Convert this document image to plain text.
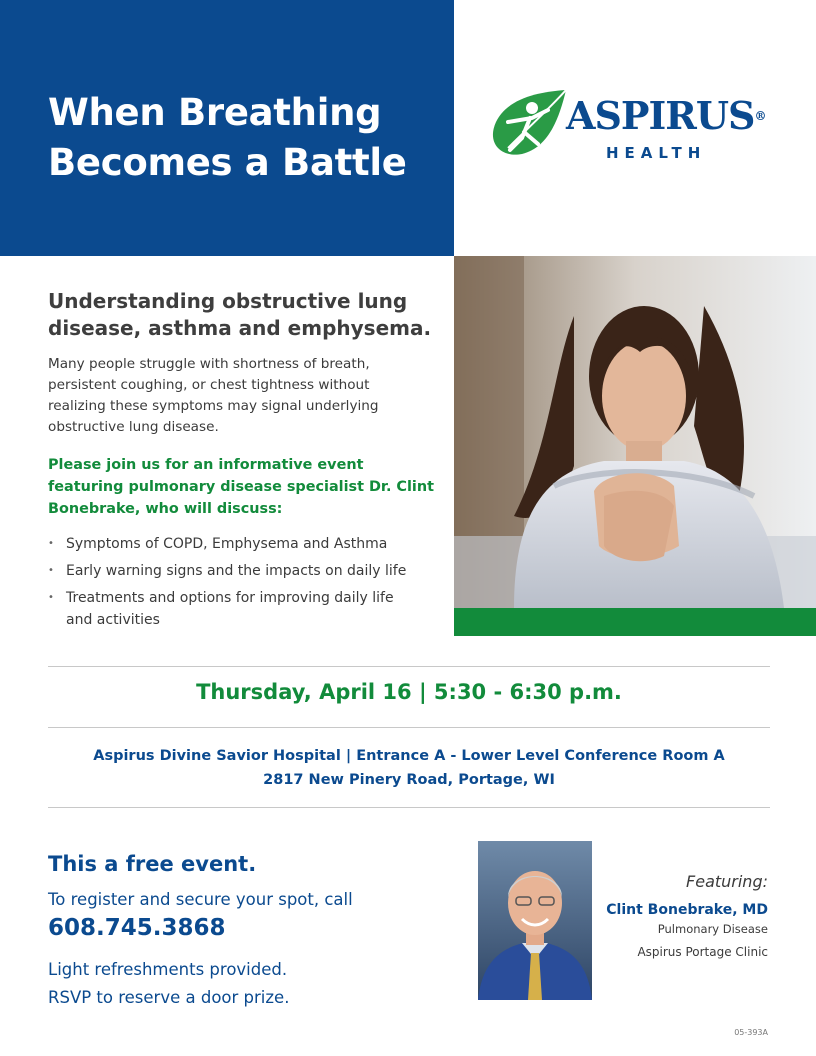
When Breathing
Becomes a Battle
ASPIRUS®
HEALTH
Understanding obstructive lung
disease, asthma and emphysema.

Many people struggle with shortness of breath,
persistent coughing, or chest tightness without
realizing these symptoms may signal underlying
obstructive lung disease.

Please join us for an informative event
featuring pulmonary disease specialist Dr. Clint
Bonebrake, who will discuss:

• Symptoms of COPD, Emphysema and Asthma
• Early warning signs and the impacts on daily life
• Treatments and options for improving daily life
and activities
Thursday, April 16 | 5:30 - 6:30 p.m.
Aspirus Divine Savior Hospital | Entrance A - Lower Level Conference Room A
2817 New Pinery Road, Portage, WI
This a free event.
To register and secure your spot, call
608.745.3868
Light refreshments provided.
RSVP to reserve a door prize.
Featuring:
Clint Bonebrake, MD
Pulmonary Disease
Aspirus Portage Clinic
05-393A
